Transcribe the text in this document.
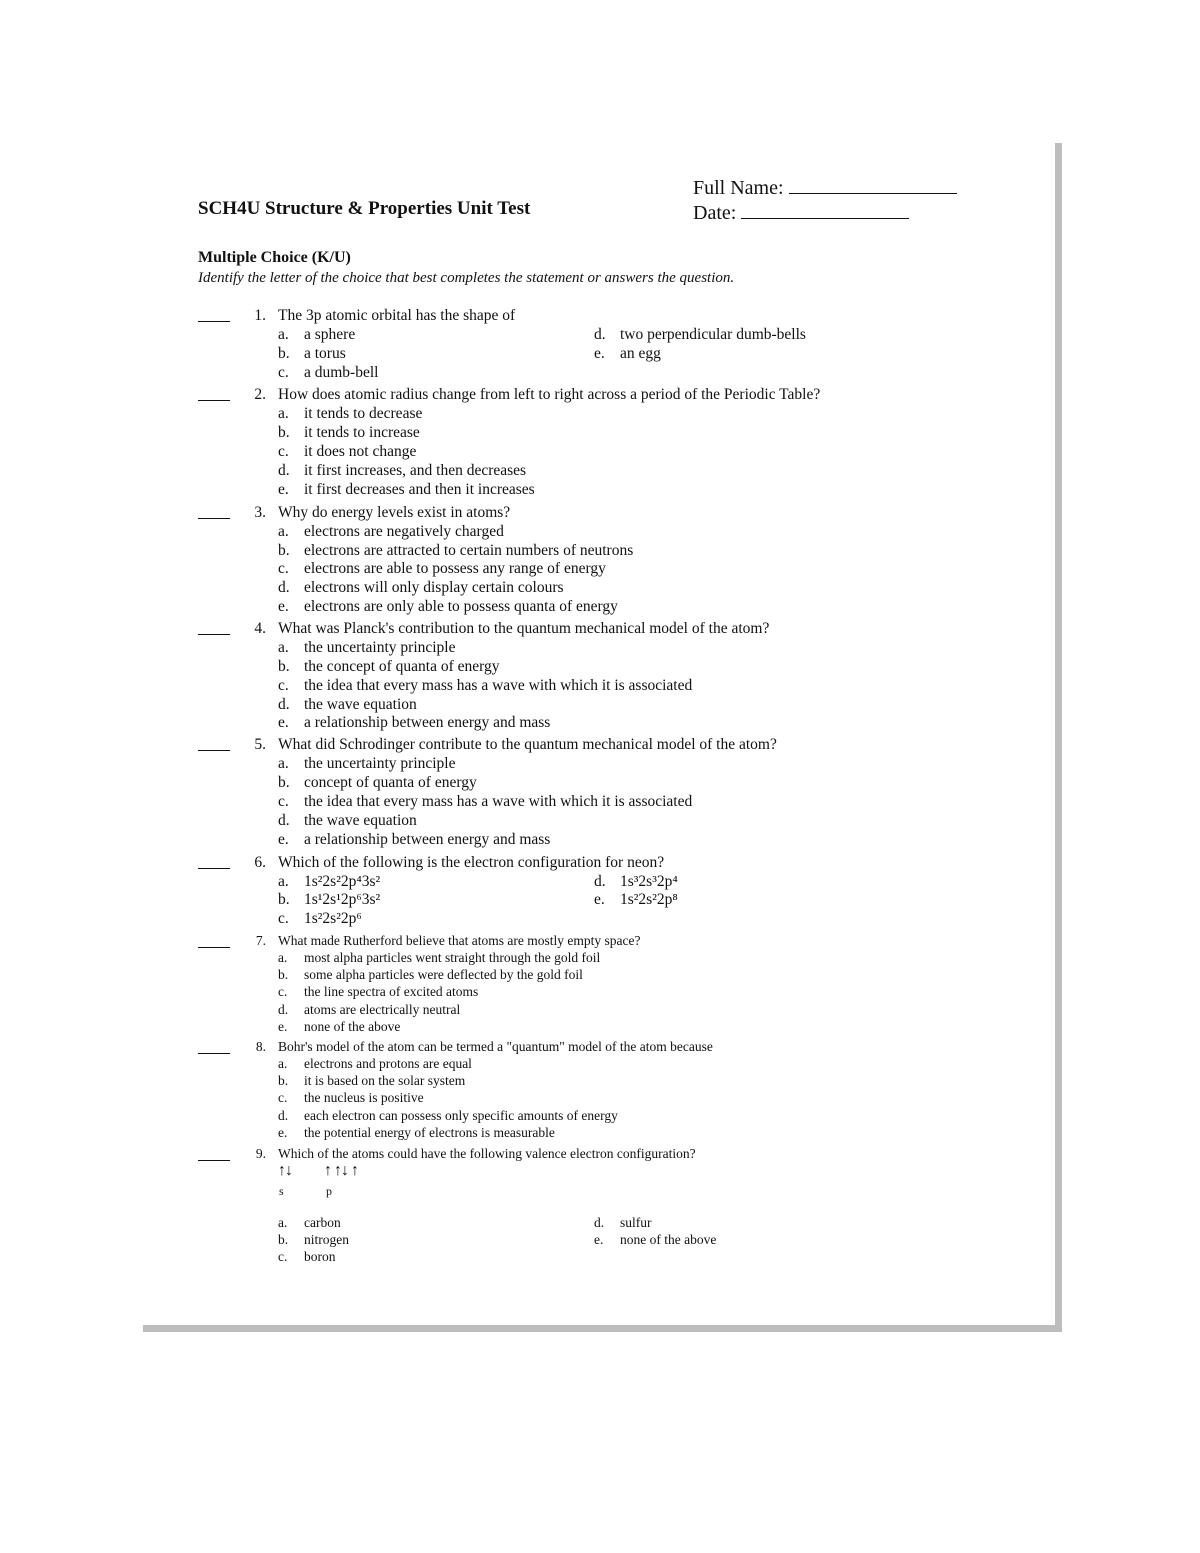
SCH4U Structure & Properties Unit Test
Full Name:
Date:
Multiple Choice (K/U)
Identify the letter of the choice that best completes the statement or answers the question.
1. The 3p atomic orbital has the shape of
a. a sphere
b. a torus
c. a dumb-bell
d. two perpendicular dumb-bells
e. an egg
2. How does atomic radius change from left to right across a period of the Periodic Table?
a. it tends to decrease
b. it tends to increase
c. it does not change
d. it first increases, and then decreases
e. it first decreases and then it increases
3. Why do energy levels exist in atoms?
a. electrons are negatively charged
b. electrons are attracted to certain numbers of neutrons
c. electrons are able to possess any range of energy
d. electrons will only display certain colours
e. electrons are only able to possess quanta of energy
4. What was Planck's contribution to the quantum mechanical model of the atom?
a. the uncertainty principle
b. the concept of quanta of energy
c. the idea that every mass has a wave with which it is associated
d. the wave equation
e. a relationship between energy and mass
5. What did Schrodinger contribute to the quantum mechanical model of the atom?
a. the uncertainty principle
b. concept of quanta of energy
c. the idea that every mass has a wave with which it is associated
d. the wave equation
e. a relationship between energy and mass
6. Which of the following is the electron configuration for neon?
a. 1s²2s²2p⁴3s²
b. 1s¹2s¹2p⁶3s²
c. 1s²2s²2p⁶
d. 1s³2s³2p⁴
e. 1s²2s²2p⁸
7. What made Rutherford believe that atoms are mostly empty space?
a. most alpha particles went straight through the gold foil
b. some alpha particles were deflected by the gold foil
c. the line spectra of excited atoms
d. atoms are electrically neutral
e. none of the above
8. Bohr's model of the atom can be termed a "quantum" model of the atom because
a. electrons and protons are equal
b. it is based on the solar system
c. the nucleus is positive
d. each electron can possess only specific amounts of energy
e. the potential energy of electrons is measurable
9. Which of the atoms could have the following valence electron configuration?
↑↓ ↑ ↑↓ ↑
s	p
a. carbon
b. nitrogen
c. boron
d. sulfur
e. none of the above
